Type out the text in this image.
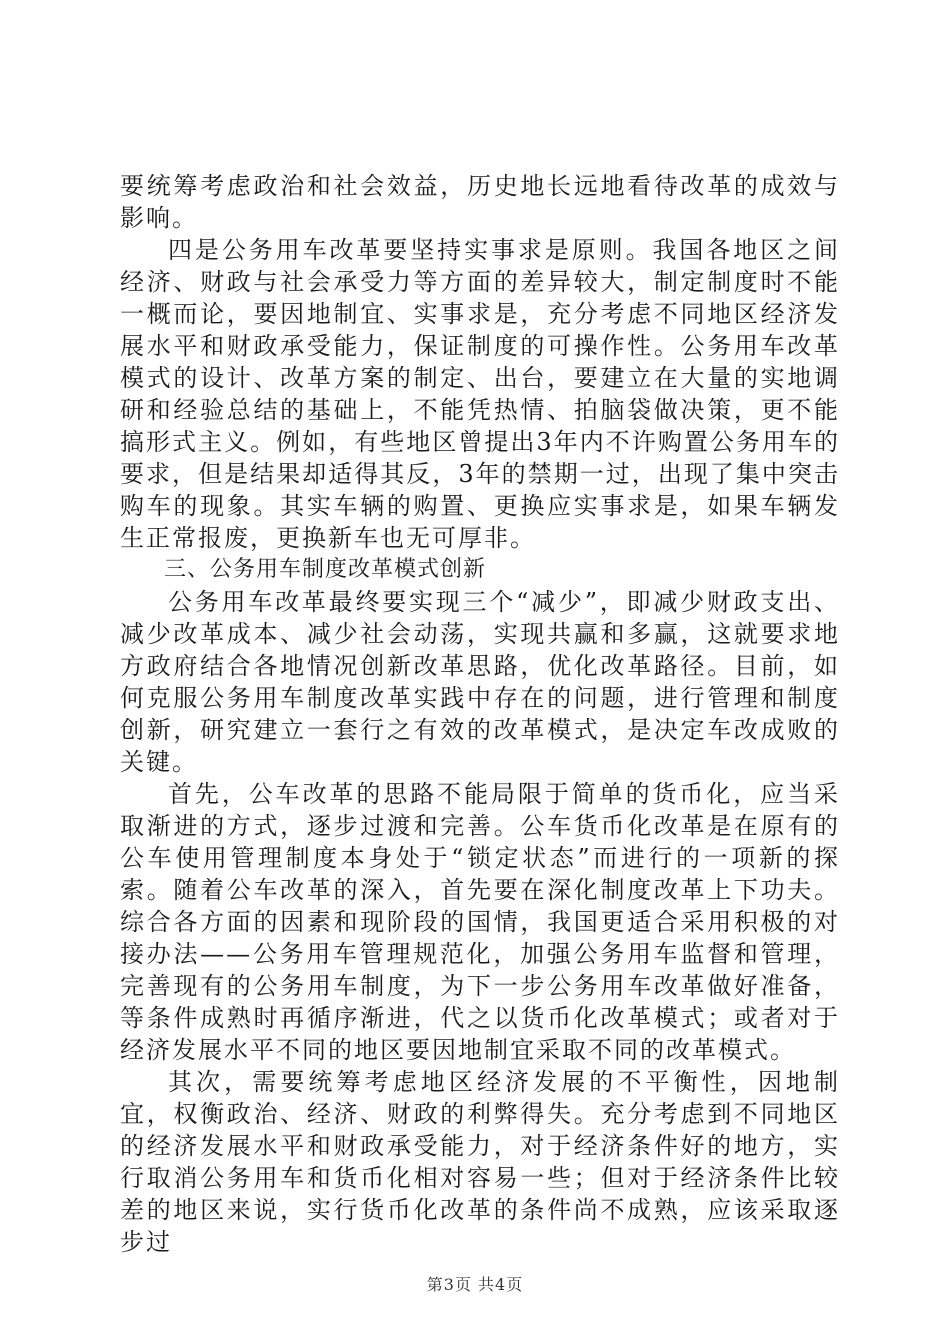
要统筹考虑政治和社会效益，历史地长远地看待改革的成效与影响。

四是公务用车改革要坚持实事求是原则。我国各地区之间经济、财政与社会承受力等方面的差异较大，制定制度时不能一概而论，要因地制宜、实事求是，充分考虑不同地区经济发展水平和财政承受能力，保证制度的可操作性。公务用车改革模式的设计、改革方案的制定、出台，要建立在大量的实地调研和经验总结的基础上，不能凭热情、拍脑袋做决策，更不能搞形式主义。例如，有些地区曾提出3年内不许购置公务用车的要求，但是结果却适得其反，3年的禁期一过，出现了集中突击购车的现象。其实车辆的购置、更换应实事求是，如果车辆发生正常报废，更换新车也无可厚非。

三、公务用车制度改革模式创新

公务用车改革最终要实现三个“减少”，即减少财政支出、减少改革成本、减少社会动荡，实现共赢和多赢，这就要求地方政府结合各地情况创新改革思路，优化改革路径。目前，如何克服公务用车制度改革实践中存在的问题，进行管理和制度创新，研究建立一套行之有效的改革模式，是决定车改成败的关键。

首先，公车改革的思路不能局限于简单的货币化，应当采取渐进的方式，逐步过渡和完善。公车货币化改革是在原有的公车使用管理制度本身处于“锁定状态”而进行的一项新的探索。随着公车改革的深入，首先要在深化制度改革上下功夫。综合各方面的因素和现阶段的国情，我国更适合采用积极的对接办法——公务用车管理规范化，加强公务用车监督和管理，完善现有的公务用车制度，为下一步公务用车改革做好准备，等条件成熟时再循序渐进，代之以货币化改革模式；或者对于经济发展水平不同的地区要因地制宜采取不同的改革模式。

其次，需要统筹考虑地区经济发展的不平衡性，因地制宜，权衡政治、经济、财政的利弊得失。充分考虑到不同地区的经济发展水平和财政承受能力，对于经济条件好的地方，实行取消公务用车和货币化相对容易一些；但对于经济条件比较差的地区来说，实行货币化改革的条件尚不成熟，应该采取逐步过

第3页 共4页
